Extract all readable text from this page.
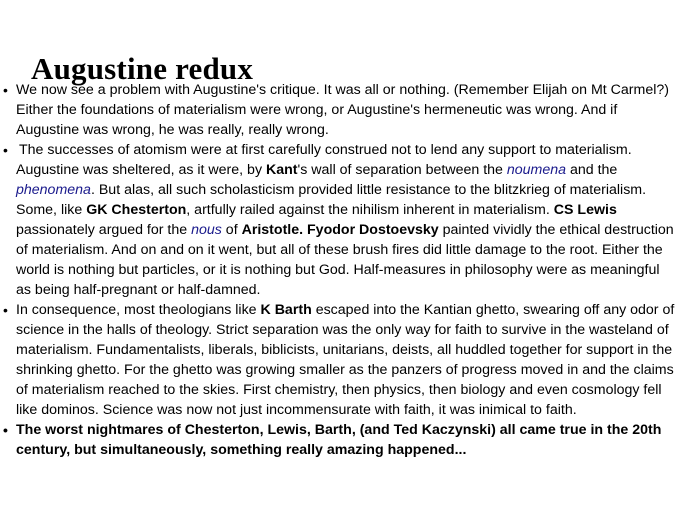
Augustine redux
• We now see a problem with Augustine's critique. It was all or nothing. (Remember Elijah on Mt Carmel?) Either the foundations of materialism were wrong, or Augustine's hermeneutic was wrong. And if Augustine was wrong, he was really, really wrong.
• The successes of atomism were at first carefully construed not to lend any support to materialism. Augustine was sheltered, as it were, by Kant's wall of separation between the noumena and the phenomena. But alas, all such scholasticism provided little resistance to the blitzkrieg of materialism. Some, like GK Chesterton, artfully railed against the nihilism inherent in materialism. CS Lewis passionately argued for the nous of Aristotle. Fyodor Dostoevsky painted vividly the ethical destruction of materialism. And on and on it went, but all of these brush fires did little damage to the root. Either the world is nothing but particles, or it is nothing but God. Half-measures in philosophy were as meaningful as being half-pregnant or half-damned.
• In consequence, most theologians like K Barth escaped into the Kantian ghetto, swearing off any odor of science in the halls of theology. Strict separation was the only way for faith to survive in the wasteland of materialism. Fundamentalists, liberals, biblicists, unitarians, deists, all huddled together for support in the shrinking ghetto. For the ghetto was growing smaller as the panzers of progress moved in and the claims of materialism reached to the skies. First chemistry, then physics, then biology and even cosmology fell like dominos. Science was now not just incommensurate with faith, it was inimical to faith.
• The worst nightmares of Chesterton, Lewis, Barth, (and Ted Kaczynski) all came true in the 20th century, but simultaneously, something really amazing happened...
